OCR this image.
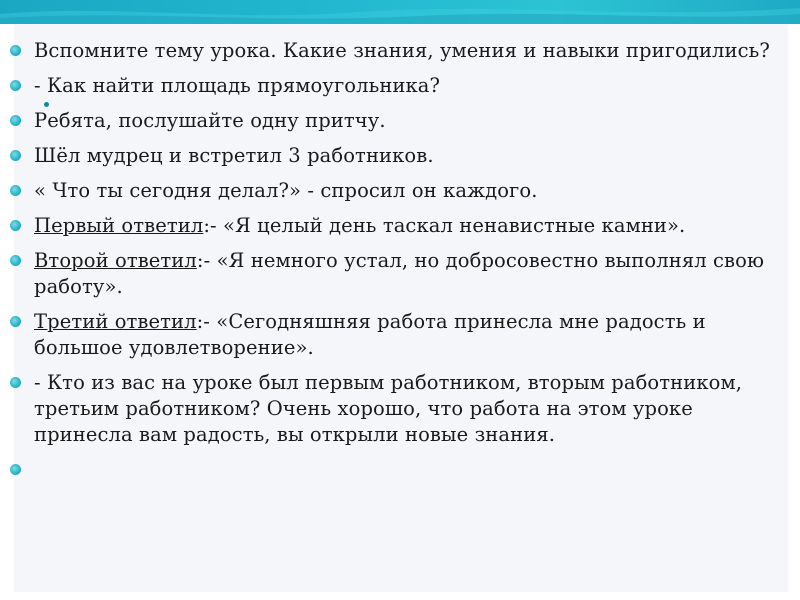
Вспомните тему урока. Какие знания, умения и навыки пригодились?
- Как найти площадь прямоугольника?
Ребята, послушайте одну притчу.
Шёл мудрец и встретил 3 работников.
« Что ты сегодня делал?» - спросил он каждого.
Первый ответил:- «Я целый день таскал ненавистные камни».
Второй ответил:- «Я немного устал, но добросовестно выполнял свою работу».
Третий ответил:- «Сегодняшняя работа принесла мне радость и большое удовлетворение».
- Кто из вас на уроке был первым работником, вторым работником, третьим работником? Очень хорошо, что работа на этом уроке принесла вам радость, вы открыли новые знания.
